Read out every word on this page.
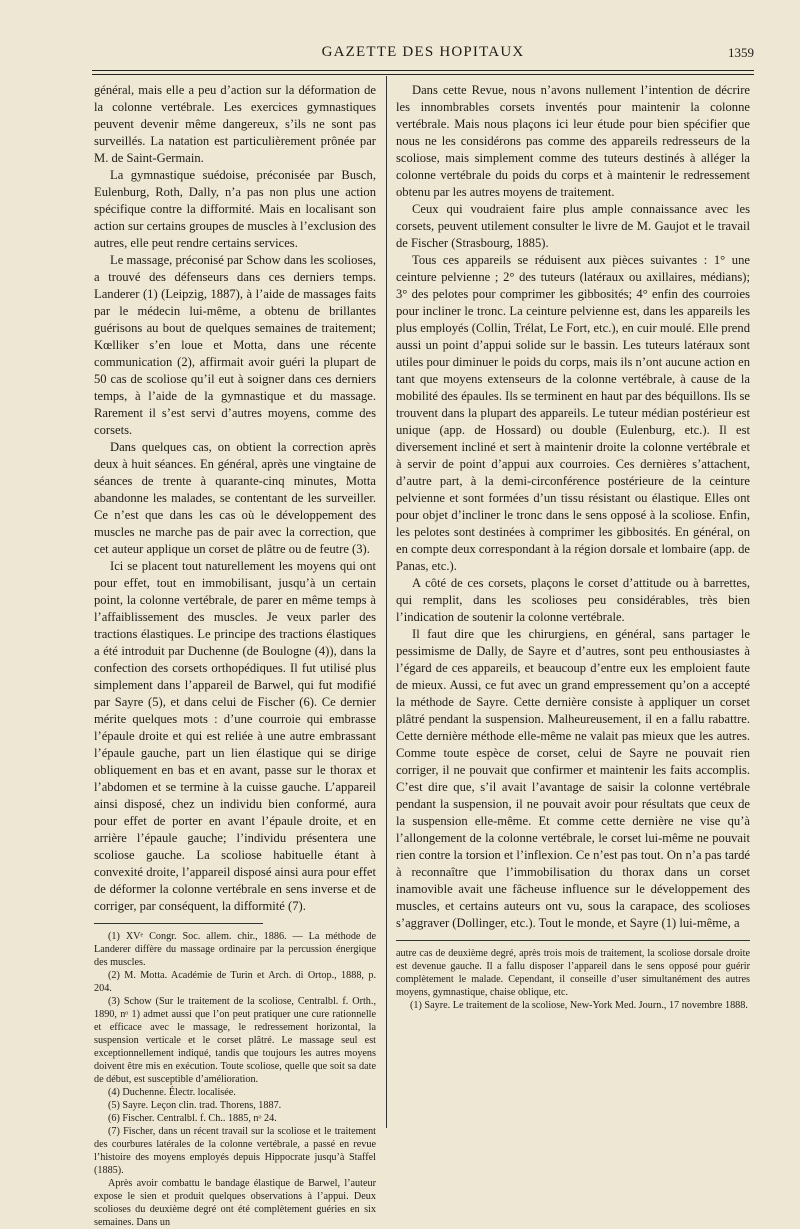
GAZETTE DES HOPITAUX	1359

général, mais elle a peu d’action sur la déformation de la colonne vertébrale. Les exercices gymnastiques peuvent devenir même dangereux, s’ils ne sont pas surveillés. La natation est particulièrement prônée par M. de Saint-Germain.

La gymnastique suédoise, préconisée par Busch, Eulenburg, Roth, Dally, n’a pas non plus une action spécifique contre la difformité. Mais en localisant son action sur certains groupes de muscles à l’exclusion des autres, elle peut rendre certains services.

Le massage, préconisé par Schow dans les scolioses, a trouvé des défenseurs dans ces derniers temps. Landerer (1) (Leipzig, 1887), à l’aide de massages faits par le médecin lui-même, a obtenu de brillantes guérisons au bout de quelques semaines de traitement; Kœlliker s’en loue et Motta, dans une récente communication (2), affirmait avoir guéri la plupart de 50 cas de scoliose qu’il eut à soigner dans ces derniers temps, à l’aide de la gymnastique et du massage. Rarement il s’est servi d’autres moyens, comme des corsets.

Dans quelques cas, on obtient la correction après deux à huit séances. En général, après une vingtaine de séances de trente à quarante-cinq minutes, Motta abandonne les malades, se contentant de les surveiller. Ce n’est que dans les cas où le développement des muscles ne marche pas de pair avec la correction, que cet auteur applique un corset de plâtre ou de feutre (3).

Ici se placent tout naturellement les moyens qui ont pour effet, tout en immobilisant, jusqu’à un certain point, la colonne vertébrale, de parer en même temps à l’affaiblissement des muscles. Je veux parler des tractions élastiques. Le principe des tractions élastiques a été introduit par Duchenne (de Boulogne (4)), dans la confection des corsets orthopédiques. Il fut utilisé plus simplement dans l’appareil de Barwel, qui fut modifié par Sayre (5), et dans celui de Fischer (6). Ce dernier mérite quelques mots : d’une courroie qui embrasse l’épaule droite et qui est reliée à une autre embrassant l’épaule gauche, part un lien élastique qui se dirige obliquement en bas et en avant, passe sur le thorax et l’abdomen et se termine à la cuisse gauche. L’appareil ainsi disposé, chez un individu bien conformé, aura pour effet de porter en avant l’épaule droite, et en arrière l’épaule gauche; l’individu présentera une scoliose gauche. La scoliose habituelle étant à convexité droite, l’appareil disposé ainsi aura pour effet de déformer la colonne vertébrale en sens inverse et de corriger, par conséquent, la difformité (7).

(1) XVᵉ Congr. Soc. allem. chir., 1886. — La méthode de Landerer diffère du massage ordinaire par la percussion énergique des muscles.

(2) M. Motta. Académie de Turin et Arch. di Ortop., 1888, p. 204.

(3) Schow (Sur le traitement de la scoliose, Centralbl. f. Orth., 1890, nᵒ 1) admet aussi que l’on peut pratiquer une cure rationnelle et efficace avec le massage, le redressement horizontal, la suspension verticale et le corset plâtré. Le massage seul est exceptionnellement indiqué, tandis que toujours les autres moyens doivent être mis en exécution. Toute scoliose, quelle que soit sa date de début, est susceptible d’amélioration.

(4) Duchenne. Électr. localisée.

(5) Sayre. Leçon clin. trad. Thorens, 1887.

(6) Fischer. Centralbl. f. Ch.. 1885, nᵒ 24.

(7) Fischer, dans un récent travail sur la scoliose et le traitement des courbures latérales de la colonne vertébrale, a passé en revue l’histoire des moyens employés depuis Hippocrate jusqu’à Staffel (1885).

Après avoir combattu le bandage élastique de Barwel, l’auteur expose le sien et produit quelques observations à l’appui. Deux scolioses du deuxième degré ont été complètement guéries en six semaines. Dans un

Dans cette Revue, nous n’avons nullement l’intention de décrire les innombrables corsets inventés pour maintenir la colonne vertébrale. Mais nous plaçons ici leur étude pour bien spécifier que nous ne les considérons pas comme des appareils redresseurs de la scoliose, mais simplement comme des tuteurs destinés à alléger la colonne vertébrale du poids du corps et à maintenir le redressement obtenu par les autres moyens de traitement.

Ceux qui voudraient faire plus ample connaissance avec les corsets, peuvent utilement consulter le livre de M. Gaujot et le travail de Fischer (Strasbourg, 1885).

Tous ces appareils se réduisent aux pièces suivantes : 1° une ceinture pelvienne ; 2° des tuteurs (latéraux ou axillaires, médians); 3° des pelotes pour comprimer les gibbosités; 4° enfin des courroies pour incliner le tronc. La ceinture pelvienne est, dans les appareils les plus employés (Collin, Trélat, Le Fort, etc.), en cuir moulé. Elle prend aussi un point d’appui solide sur le bassin. Les tuteurs latéraux sont utiles pour diminuer le poids du corps, mais ils n’ont aucune action en tant que moyens extenseurs de la colonne vertébrale, à cause de la mobilité des épaules. Ils se terminent en haut par des béquillons. Ils se trouvent dans la plupart des appareils. Le tuteur médian postérieur est unique (app. de Hossard) ou double (Eulenburg, etc.). Il est diversement incliné et sert à maintenir droite la colonne vertébrale et à servir de point d’appui aux courroies. Ces dernières s’attachent, d’autre part, à la demi-circonférence postérieure de la ceinture pelvienne et sont formées d’un tissu résistant ou élastique. Elles ont pour objet d’incliner le tronc dans le sens opposé à la scoliose. Enfin, les pelotes sont destinées à comprimer les gibbosités. En général, on en compte deux correspondant à la région dorsale et lombaire (app. de Panas, etc.).

A côté de ces corsets, plaçons le corset d’attitude ou à barrettes, qui remplit, dans les scolioses peu considérables, très bien l’indication de soutenir la colonne vertébrale.

Il faut dire que les chirurgiens, en général, sans partager le pessimisme de Dally, de Sayre et d’autres, sont peu enthousiastes à l’égard de ces appareils, et beaucoup d’entre eux les emploient faute de mieux. Aussi, ce fut avec un grand empressement qu’on a accepté la méthode de Sayre. Cette dernière consiste à appliquer un corset plâtré pendant la suspension. Malheureusement, il en a fallu rabattre. Cette dernière méthode elle-même ne valait pas mieux que les autres. Comme toute espèce de corset, celui de Sayre ne pouvait rien corriger, il ne pouvait que confirmer et maintenir les faits accomplis. C’est dire que, s’il avait l’avantage de saisir la colonne vertébrale pendant la suspension, il ne pouvait avoir pour résultats que ceux de la suspension elle-même. Et comme cette dernière ne vise qu’à l’allongement de la colonne vertébrale, le corset lui-même ne pouvait rien contre la torsion et l’inflexion. Ce n’est pas tout. On n’a pas tardé à reconnaître que l’immobilisation du thorax dans un corset inamovible avait une fâcheuse influence sur le développement des muscles, et certains auteurs ont vu, sous la carapace, des scolioses s’aggraver (Dollinger, etc.). Tout le monde, et Sayre (1) lui-même, a

autre cas de deuxième degré, après trois mois de traitement, la scoliose dorsale droite est devenue gauche. Il a fallu disposer l’appareil dans le sens opposé pour guérir complètement le malade. Cependant, il conseille d’user simultanément des autres moyens, gymnastique, chaise oblique, etc.

(1) Sayre. Le traitement de la scoliose, New-York Med. Journ., 17 novembre 1888.
